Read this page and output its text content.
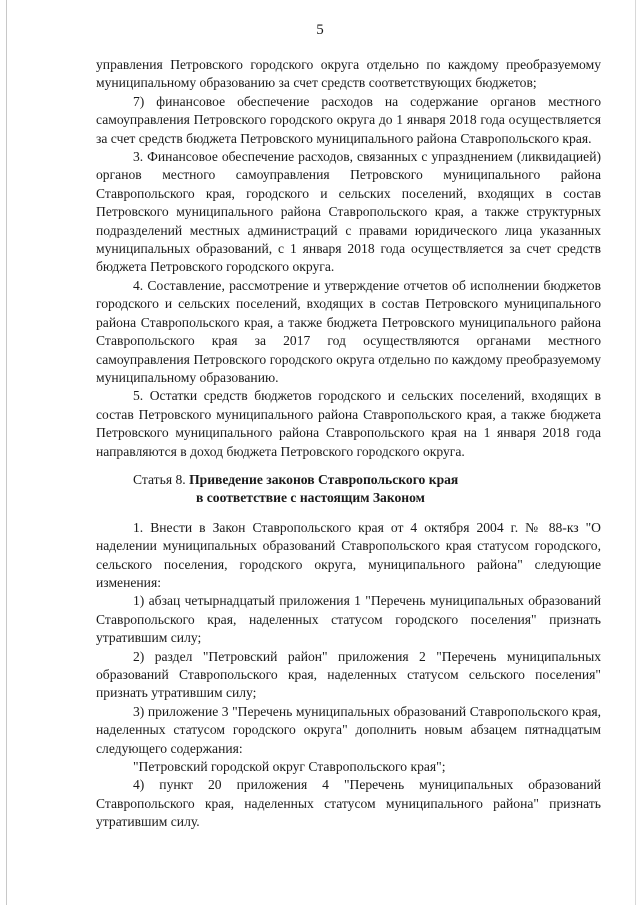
5

управления Петровского городского округа отдельно по каждому преобразуемому муниципальному образованию за счет средств соответствующих бюджетов;

7) финансовое обеспечение расходов на содержание органов местного самоуправления Петровского городского округа до 1 января 2018 года осуществляется за счет средств бюджета Петровского муниципального района Ставропольского края.

3. Финансовое обеспечение расходов, связанных с упразднением (ликвидацией) органов местного самоуправления Петровского муниципального района Ставропольского края, городского и сельских поселений, входящих в состав Петровского муниципального района Ставропольского края, а также структурных подразделений местных администраций с правами юридического лица указанных муниципальных образований, с 1 января 2018 года осуществляется за счет средств бюджета Петровского городского округа.

4. Составление, рассмотрение и утверждение отчетов об исполнении бюджетов городского и сельских поселений, входящих в состав Петровского муниципального района Ставропольского края, а также бюджета Петровского муниципального района Ставропольского края за 2017 год осуществляются органами местного самоуправления Петровского городского округа отдельно по каждому преобразуемому муниципальному образованию.

5. Остатки средств бюджетов городского и сельских поселений, входящих в состав Петровского муниципального района Ставропольского края, а также бюджета Петровского муниципального района Ставропольского края на 1 января 2018 года направляются в доход бюджета Петровского городского округа.

Статья 8. Приведение законов Ставропольского края
в соответствие с настоящим Законом

1. Внести в Закон Ставропольского края от 4 октября 2004 г. № 88-кз "О наделении муниципальных образований Ставропольского края статусом городского, сельского поселения, городского округа, муниципального района" следующие изменения:

1) абзац четырнадцатый приложения 1 "Перечень муниципальных образований Ставропольского края, наделенных статусом городского поселения" признать утратившим силу;

2) раздел "Петровский район" приложения 2 "Перечень муниципальных образований Ставропольского края, наделенных статусом сельского поселения" признать утратившим силу;

3) приложение 3 "Перечень муниципальных образований Ставропольского края, наделенных статусом городского округа" дополнить новым абзацем пятнадцатым следующего содержания:

"Петровский городской округ Ставропольского края";

4) пункт 20 приложения 4 "Перечень муниципальных образований Ставропольского края, наделенных статусом муниципального района" признать утратившим силу.
